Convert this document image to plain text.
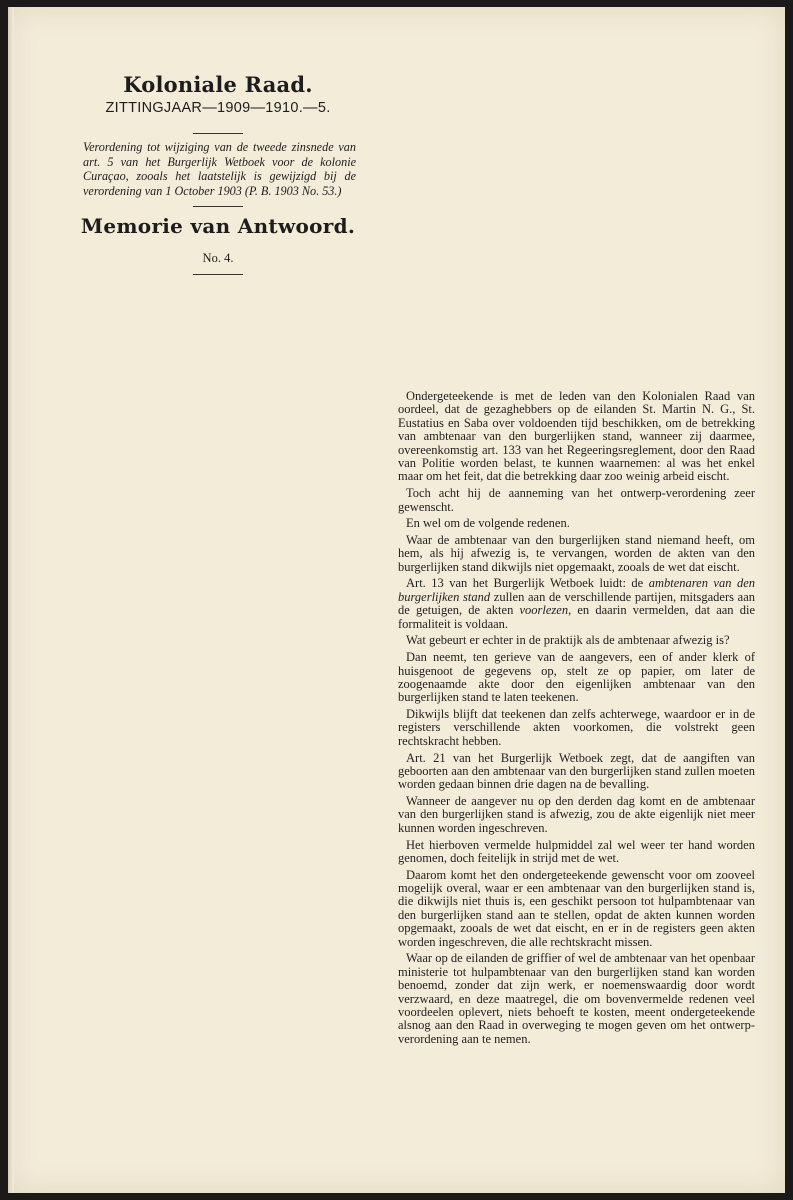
Koloniale Raad.
ZITTINGJAAR—1909—1910.—5.
Verordening tot wijziging van de tweede zinsnede van art. 5 van het Burgerlijk Wetboek voor de kolonie Curaçao, zooals het laatstelijk is gewijzigd bij de verordening van 1 October 1903 (P. B. 1903 No. 53.)
Memorie van Antwoord.
No. 4.

Ondergeteekende is met de leden van den Kolonialen Raad van oordeel, dat de gezaghebbers op de eilanden St. Martin N. G., St. Eustatius en Saba over voldoenden tijd beschikken, om de betrekking van ambtenaar van den burgerlijken stand, wanneer zij daarmee, overeenkomstig art. 133 van het Regeeringsreglement, door den Raad van Politie worden belast, te kunnen waarnemen: al was het enkel maar om het feit, dat die betrekking daar zoo weinig arbeid eischt.

Toch acht hij de aanneming van het ontwerp-verordening zeer gewenscht.

En wel om de volgende redenen.

Waar de ambtenaar van den burgerlijken stand niemand heeft, om hem, als hij afwezig is, te vervangen, worden de akten van den burgerlijken stand dikwijls niet opgemaakt, zooals de wet dat eischt.

Art. 13 van het Burgerlijk Wetboek luidt: de ambtenaren van den burgerlijken stand zullen aan de verschillende partijen, mitsgaders aan de getuigen, de akten voorlezen, en daarin vermelden, dat aan die formaliteit is voldaan.

Wat gebeurt er echter in de praktijk als de ambtenaar afwezig is?

Dan neemt, ten gerieve van de aangevers, een of ander klerk of huisgenoot de gegevens op, stelt ze op papier, om later de zoogenaamde akte door den eigenlijken ambtenaar van den burgerlijken stand te laten teekenen.

Dikwijls blijft dat teekenen dan zelfs achterwege, waardoor er in de registers verschillende akten voorkomen, die volstrekt geen rechtskracht hebben.

Art. 21 van het Burgerlijk Wetboek zegt, dat de aangiften van geboorten aan den ambtenaar van den burgerlijken stand zullen moeten worden gedaan binnen drie dagen na de bevalling.

Wanneer de aangever nu op den derden dag komt en de ambtenaar van den burgerlijken stand is afwezig, zou de akte eigenlijk niet meer kunnen worden ingeschreven.

Het hierboven vermelde hulpmiddel zal wel weer ter hand worden genomen, doch feitelijk in strijd met de wet.

Daarom komt het den ondergeteekende gewenscht voor om zooveel mogelijk overal, waar er een ambtenaar van den burgerlijken stand is, die dikwijls niet thuis is, een geschikt persoon tot hulpambtenaar van den burgerlijken stand aan te stellen, opdat de akten kunnen worden opgemaakt, zooals de wet dat eischt, en er in de registers geen akten worden ingeschreven, die alle rechtskracht missen.

Waar op de eilanden de griffier of wel de ambtenaar van het openbaar ministerie tot hulpambtenaar van den burgerlijken stand kan worden benoemd, zonder dat zijn werk, er noemenswaardig door wordt verzwaard, en deze maatregel, die om bovenvermelde redenen veel voordeelen oplevert, niets behoeft te kosten, meent ondergeteekende alsnog aan den Raad in overweging te mogen geven om het ontwerp-verordening aan te nemen.
